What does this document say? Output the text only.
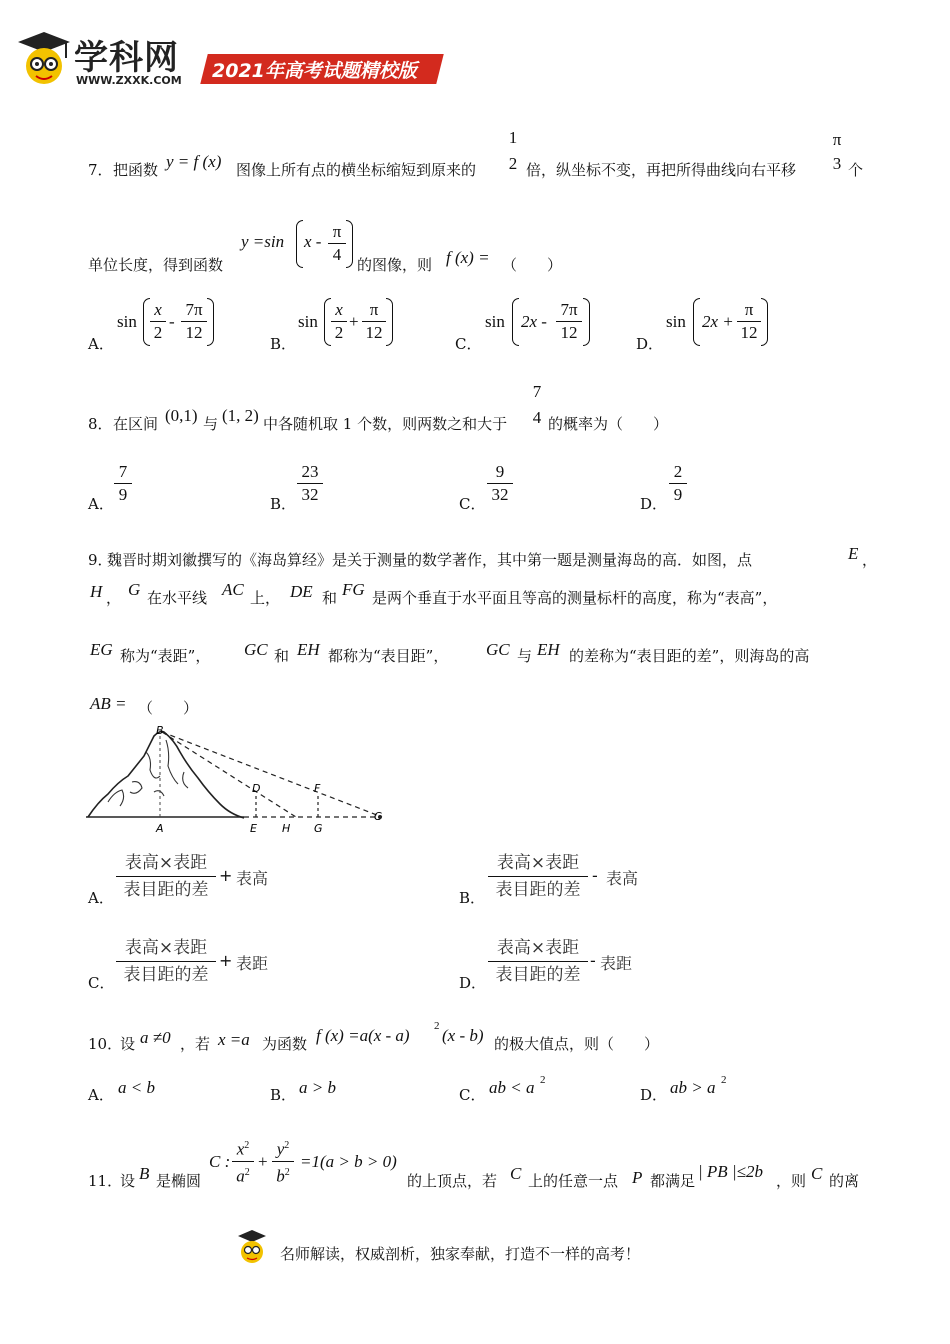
学科网
WWW.ZXXK.COM 2021年高考试题精校版
7． 把函数 y = f (x) 图像上所有点的横坐标缩短到原来的
1
2 倍，纵坐标不变，再把所得曲线向右平移
π
3 个
单位长度，得到函数
y =sin x -
π
4
的图像，则 f (x) = （　　）
A．
sin
x
2
-
7π
12
B．
sin
x
2
+
π
12
C．
sin 2x -
7π
12
D．
sin 2x +
π
12
8． 在区间 (0,1) 与 (1, 2) 中各随机取 1 个数，则两数之和大于
7
4 的概率为（　　）
A．
7
9	B．
23
32	C．
9
32	D．
2
9
9．
魏晋时期刘徽撰写的《海岛算经》是关于测量的数学著作，其中第一题是测量海岛的高．如图，点	E ，
H ， G 在水平线 AC 上， DE 和 FG 是两个垂直于水平面且等高的测量标杆的高度，称为“表高”，
EG 称为“表距”， GC 和 EH 都称为“表目距”， GC 与 EH 的差称为“表目距的差”，则海岛的高
AB = （　　）
B
A
D	F
E H G
C
A．
表高×表距
表目距的差
+ 表高
B．
表高×表距
表目距的差
- 表高
C．
表高×表距
表目距的差
+ 表距
D．
表高×表距
表目距的差
- 表距
10．
设 a ≠0 ，若 x =a 为函数 f (x) =a(x - a) 2 (x - b) 的极大值点，则（　　）
A． a < b	B． a > b	C． ab < a 2
D． ab > a 2
11．
设 B 是椭圆
C :
$x^2$
$a^2$
+
$y^2$
$b^2$
=1(a > b > 0)
的上顶点，若 C 上的任意一点 P 都满足 | PB |≤2b ，则 C 的离
名师解读，权威剖析，独家奉献，打造不一样的高考！
